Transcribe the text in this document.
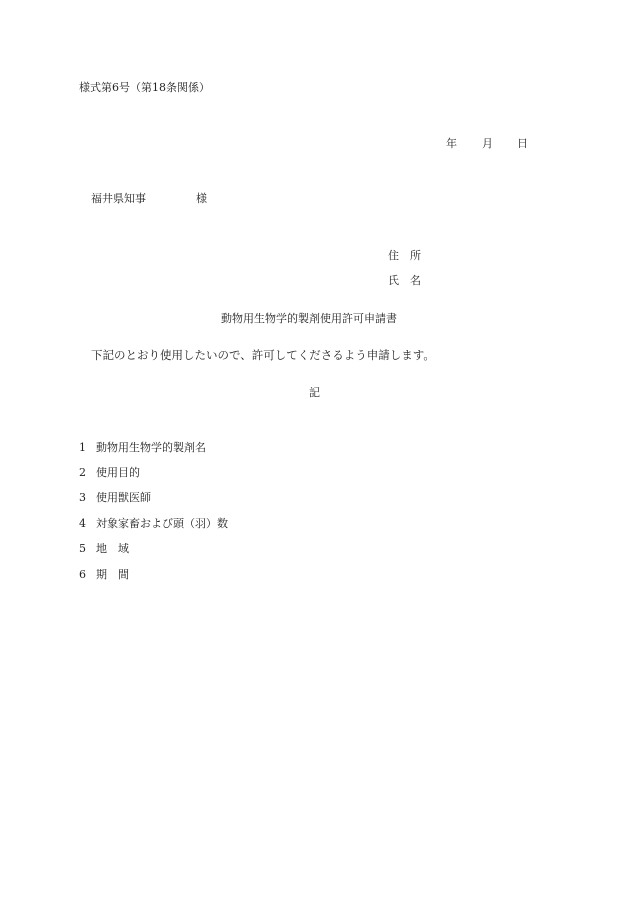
様式第6号（第18条関係）
年 月 日
福井県知事	様
住　所
氏　名
動物用生物学的製剤使用許可申請書
下記のとおり使用したいので、許可してくださるよう申請します。
記
1 動物用生物学的製剤名
2 使用目的
3 使用獣医師
4 対象家畜および頭（羽）数
5 地　域
6 期　間
